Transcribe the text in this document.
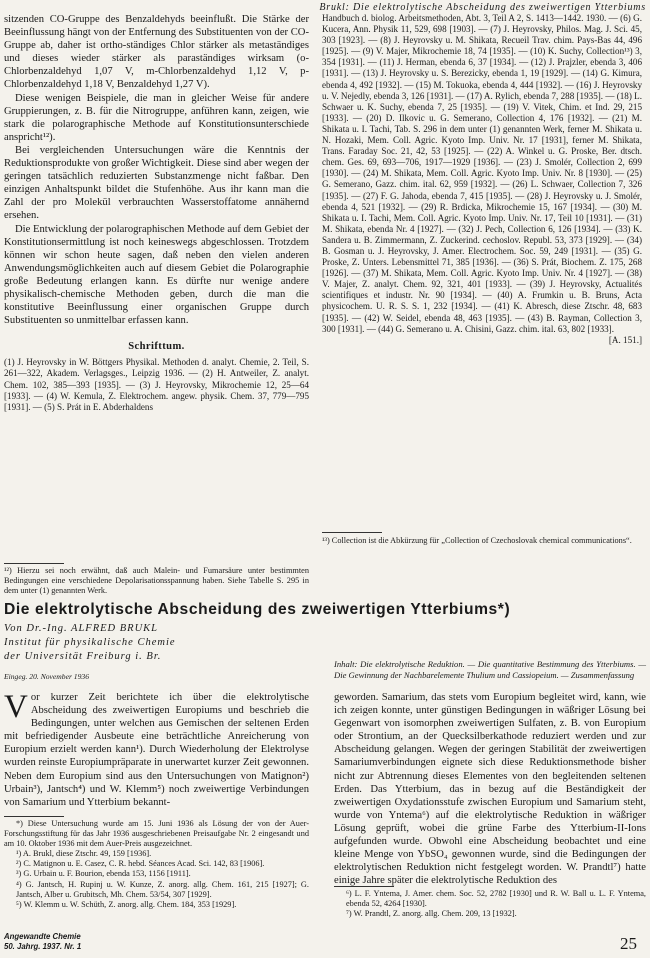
Brukl: Die elektrolytische Abscheidung des zweiwertigen Ytterbiums

sitzenden CO-Gruppe des Benzaldehyds beeinflußt. Die Stärke der Beeinflussung hängt von der Entfernung des Substituenten von der CO-Gruppe ab, daher ist ortho-ständiges Chlor stärker als metaständiges und dieses wieder stärker als paraständiges wirksam (o-Chlorbenzaldehyd 1,07 V, m-Chlorbenzaldehyd 1,12 V, p-Chlorbenzaldehyd 1,18 V, Benzaldehyd 1,27 V).

Diese wenigen Beispiele, die man in gleicher Weise für andere Gruppierungen, z. B. für die Nitrogruppe, anführen kann, zeigen, wie stark die polarographische Methode auf Konstitutionsunterschiede anspricht¹²).

Bei vergleichenden Untersuchungen wäre die Kenntnis der Reduktionsprodukte von großer Wichtigkeit. Diese sind aber wegen der geringen tatsächlich reduzierten Substanzmenge nicht faßbar. Den einzigen Anhaltspunkt bildet die Stufenhöhe. Aus ihr kann man die Zahl der pro Molekül verbrauchten Wasserstoffatome annähernd ersehen.

Die Entwicklung der polarographischen Methode auf dem Gebiet der Konstitutionsermittlung ist noch keineswegs abgeschlossen. Trotzdem können wir schon heute sagen, daß neben den vielen anderen Anwendungsmöglichkeiten auch auf diesem Gebiet die Polarographie große Bedeutung erlangen kann. Es dürfte nur wenige andere physikalisch-chemische Methoden geben, durch die man die konstitutive Beeinflussung einer organischen Gruppe durch Substituenten so unmittelbar erfassen kann.

Schrifttum.
(1) J. Heyrovsky in W. Böttgers Physikal. Methoden d. analyt. Chemie, 2. Teil, S. 261—322, Akadem. Verlagsges., Leipzig 1936. — (2) H. Antweiler, Z. analyt. Chem. 102, 385—393 [1935]. — (3) J. Heyrovsky, Mikrochemie 12, 25—64 [1933]. — (4) W. Kemula, Z. Elektrochem. angew. physik. Chem. 37, 779—795 [1931]. — (5) S. Prát in E. Abderhaldens
¹²) Hierzu sei noch erwähnt, daß auch Malein- und Fumarsäure unter bestimmten Bedingungen eine verschiedene Depolarisationsspannung haben. Siehe Tabelle S. 295 in dem unter (1) genannten Werk.
Handbuch d. biolog. Arbeitsmethoden, Abt. 3, Teil A 2, S. 1413—1442. 1930. — (6) G. Kucera, Ann. Physik 11, 529, 698 [1903]. — (7) J. Heyrovsky, Philos. Mag. J. Sci. 45, 303 [1923]. — (8) J. Heyrovsky u. M. Shikata, Recueil Trav. chim. Pays-Bas 44, 496 [1925]. — (9) V. Majer, Mikrochemie 18, 74 [1935]. — (10) K. Suchy, Collection¹³) 3, 354 [1931]. — (11) J. Herman, ebenda 6, 37 [1934]. — (12) J. Prajzler, ebenda 3, 406 [1931]. — (13) J. Heyrovsky u. S. Berezicky, ebenda 1, 19 [1929]. — (14) G. Kimura, ebenda 4, 492 [1932]. — (15) M. Tokuoka, ebenda 4, 444 [1932]. — (16) J. Heyrovsky u. V. Nejedly, ebenda 3, 126 [1931]. — (17) A. Rylich, ebenda 7, 288 [1935]. — (18) L. Schwaer u. K. Suchy, ebenda 7, 25 [1935]. — (19) V. Vitek, Chim. et Ind. 29, 215 [1933]. — (20) D. Ilkovic u. G. Semerano, Collection 4, 176 [1932]. — (21) M. Shikata u. I. Tachi, Tab. S. 296 in dem unter (1) genannten Werk, ferner M. Shikata u. N. Hozaki, Mem. Coll. Agric. Kyoto Imp. Univ. Nr. 17 [1931], ferner M. Shikata, Trans. Faraday Soc. 21, 42, 53 [1925]. — (22) A. Winkel u. G. Proske, Ber. dtsch. chem. Ges. 69, 693—706, 1917—1929 [1936]. — (23) J. Smolér, Collection 2, 699 [1930]. — (24) M. Shikata, Mem. Coll. Agric. Kyoto Imp. Univ. Nr. 8 [1930]. — (25) G. Semerano, Gazz. chim. ital. 62, 959 [1932]. — (26) L. Schwaer, Collection 7, 326 [1935]. — (27) F. G. Jahoda, ebenda 7, 415 [1935]. — (28) J. Heyrovsky u. J. Smolér, ebenda 4, 521 [1932]. — (29) R. Brdicka, Mikrochemie 15, 167 [1934]. — (30) M. Shikata u. I. Tachi, Mem. Coll. Agric. Kyoto Imp. Univ. Nr. 17, Teil 10 [1931]. — (31) M. Shikata, ebenda Nr. 4 [1927]. — (32) J. Pech, Collection 6, 126 [1934]. — (33) K. Sandera u. B. Zimmermann, Z. Zuckerind. cechoslov. Republ. 53, 373 [1929]. — (34) B. Gosman u. J. Heyrovsky, J. Amer. Electrochem. Soc. 59, 249 [1931]. — (35) G. Proske, Z. Unters. Lebensmittel 71, 385 [1936]. — (36) S. Prát, Biochem. Z. 175, 268 [1926]. — (37) M. Shikata, Mem. Coll. Agric. Kyoto Imp. Univ. Nr. 4 [1927]. — (38) V. Majer, Z. analyt. Chem. 92, 321, 401 [1933]. — (39) J. Heyrovsky, Actualités scientifiques et industr. Nr. 90 [1934]. — (40) A. Frumkin u. B. Bruns, Acta physicochem. U. R. S. S. 1, 232 [1934]. — (41) K. Abresch, diese Ztschr. 48, 683 [1935]. — (42) W. Seidel, ebenda 48, 463 [1935]. — (43) B. Rayman, Collection 3, 300 [1931]. — (44) G. Semerano u. A. Chisini, Gazz. chim. ital. 63, 802 [1933].
[A. 151.]
¹³) Collection ist die Abkürzung für „Collection of Czechoslovak chemical communications“.
Die elektrolytische Abscheidung des zweiwertigen Ytterbiums*)
Von Dr.-Ing. ALFRED BRUKL
Institut für physikalische Chemie
der Universität Freiburg i. Br.
Eingeg. 20. November 1936
Inhalt: Die elektrolytische Reduktion. — Die quantitative Bestimmung des Ytterbiums. — Die Gewinnung der Nachbarelemente Thulium und Cassiopeium. — Zusammenfassung

Vor kurzer Zeit berichtete ich über die elektrolytische Abscheidung des zweiwertigen Europiums und beschrieb die Bedingungen, unter welchen aus Gemischen der seltenen Erden mit befriedigender Ausbeute eine beträchtliche Anreicherung von Europium erzielt werden kann¹). Durch Wiederholung der Elektrolyse wurden reinste Europiumpräparate in unerwartet kurzer Zeit gewonnen. Neben dem Europium sind aus den Untersuchungen von Matignon²) Urbain³), Jantsch⁴) und W. Klemm⁵) noch zweiwertige Verbindungen von Samarium und Ytterbium bekannt-

*) Diese Untersuchung wurde am 15. Juni 1936 als Lösung der von der Auer-Forschungsstiftung für das Jahr 1936 ausgeschriebenen Preisaufgabe Nr. 2 eingesandt und am 10. Oktober 1936 mit dem Auer-Preis ausgezeichnet.
¹) A. Brukl, diese Ztschr. 49, 159 [1936].
²) C. Matignon u. E. Casez, C. R. hebd. Séances Acad. Sci. 142, 83 [1906].
³) G. Urbain u. F. Bourion, ebenda 153, 1156 [1911].
⁴) G. Jantsch, H. Rupinj u. W. Kunze, Z. anorg. allg. Chem. 161, 215 [1927]; G. Jantsch, Alber u. Grubitsch, Mh. Chem. 53/54, 307 [1929].
⁵) W. Klemm u. W. Schüth, Z. anorg. allg. Chem. 184, 353 [1929].

geworden. Samarium, das stets vom Europium begleitet wird, kann, wie ich zeigen konnte, unter günstigen Bedingungen in wäßriger Lösung bei Gegenwart von isomorphen zweiwertigen Sulfaten, z. B. von Europium oder Strontium, an der Quecksilberkathode reduziert werden und zur Abscheidung gelangen. Wegen der geringen Stabilität der zweiwertigen Samariumverbindungen eignete sich diese Reduktionsmethode bisher nicht zur Abtrennung dieses Elementes von den begleitenden seltenen Erden. Das Ytterbium, das in bezug auf die Beständigkeit der zweiwertigen Oxydationsstufe zwischen Europium und Samarium steht, wurde von Yntema⁶) auf die elektrolytische Reduktion in wäßriger Lösung geprüft, wobei die grüne Farbe des Ytterbium-II-Ions aufgefunden wurde. Obwohl eine Abscheidung beobachtet und eine kleine Menge von YbSO₄ gewonnen wurde, sind die Bedingungen der elektrolytischen Reduktion nicht festgelegt worden. W. Prandtl⁷) hatte einige Jahre später die elektrolytische Reduktion des

⁶) L. F. Yntema, J. Amer. chem. Soc. 52, 2782 [1930] und R. W. Ball u. L. F. Yntema, ebenda 52, 4264 [1930].
⁷) W. Prandtl, Z. anorg. allg. Chem. 209, 13 [1932].
Angewandte Chemie
50. Jahrg. 1937. Nr. 1	25
